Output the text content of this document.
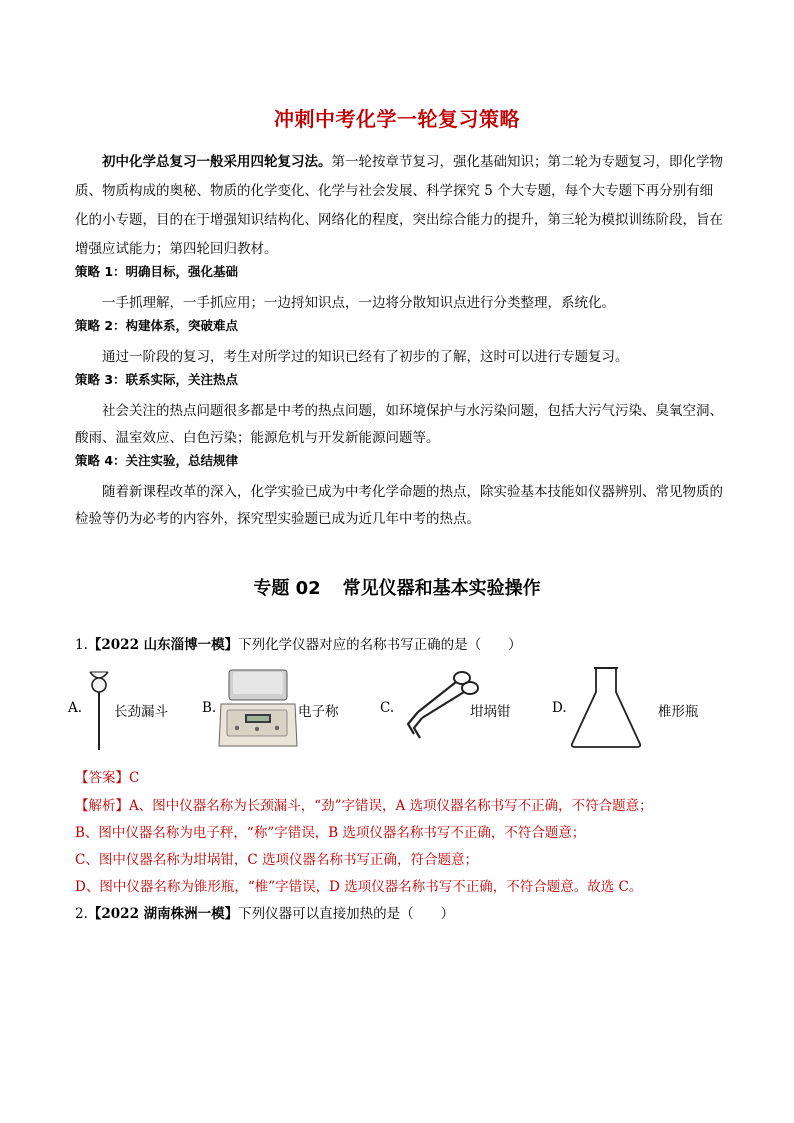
冲刺中考化学一轮复习策略

初中化学总复习一般采用四轮复习法。第一轮按章节复习，强化基础知识；第二轮为专题复习，即化学物质、物质构成的奥秘、物质的化学变化、化学与社会发展、科学探究 5 个大专题，每个大专题下再分别有细化的小专题，目的在于增强知识结构化、网络化的程度，突出综合能力的提升，第三轮为模拟训练阶段，旨在增强应试能力；第四轮回归教材。

策略 1：明确目标，强化基础
一手抓理解，一手抓应用；一边捋知识点，一边将分散知识点进行分类整理，系统化。
策略 2：构建体系，突破难点
通过一阶段的复习，考生对所学过的知识已经有了初步的了解，这时可以进行专题复习。
策略 3：联系实际，关注热点
社会关注的热点问题很多都是中考的热点问题，如环境保护与水污染问题，包括大污气污染、臭氧空洞、酸雨、温室效应、白色污染；能源危机与开发新能源问题等。
策略 4：关注实验，总结规律
随着新课程改革的深入，化学实验已成为中考化学命题的热点，除实验基本技能如仪器辨别、常见物质的检验等仍为必考的内容外，探究型实验题已成为近几年中考的热点。
专题 02 常见仪器和基本实验操作
1.【2022 山东淄博一模】下列化学仪器对应的名称书写正确的是（　　）
A. 长劲漏斗	B.	电子称	C.	坩埚钳	D.	椎形瓶
【答案】C
【解析】A、图中仪器名称为长颈漏斗，“劲”字错误，A 选项仪器名称书写不正确，不符合题意；
B、图中仪器名称为电子秤，“称”字错误，B 选项仪器名称书写不正确，不符合题意；
C、图中仪器名称为坩埚钳，C 选项仪器名称书写正确，符合题意；
D、图中仪器名称为锥形瓶，“椎”字错误，D 选项仪器名称书写不正确，不符合题意。故选 C。
2.【2022 湖南株洲一模】下列仪器可以直接加热的是（　　）
